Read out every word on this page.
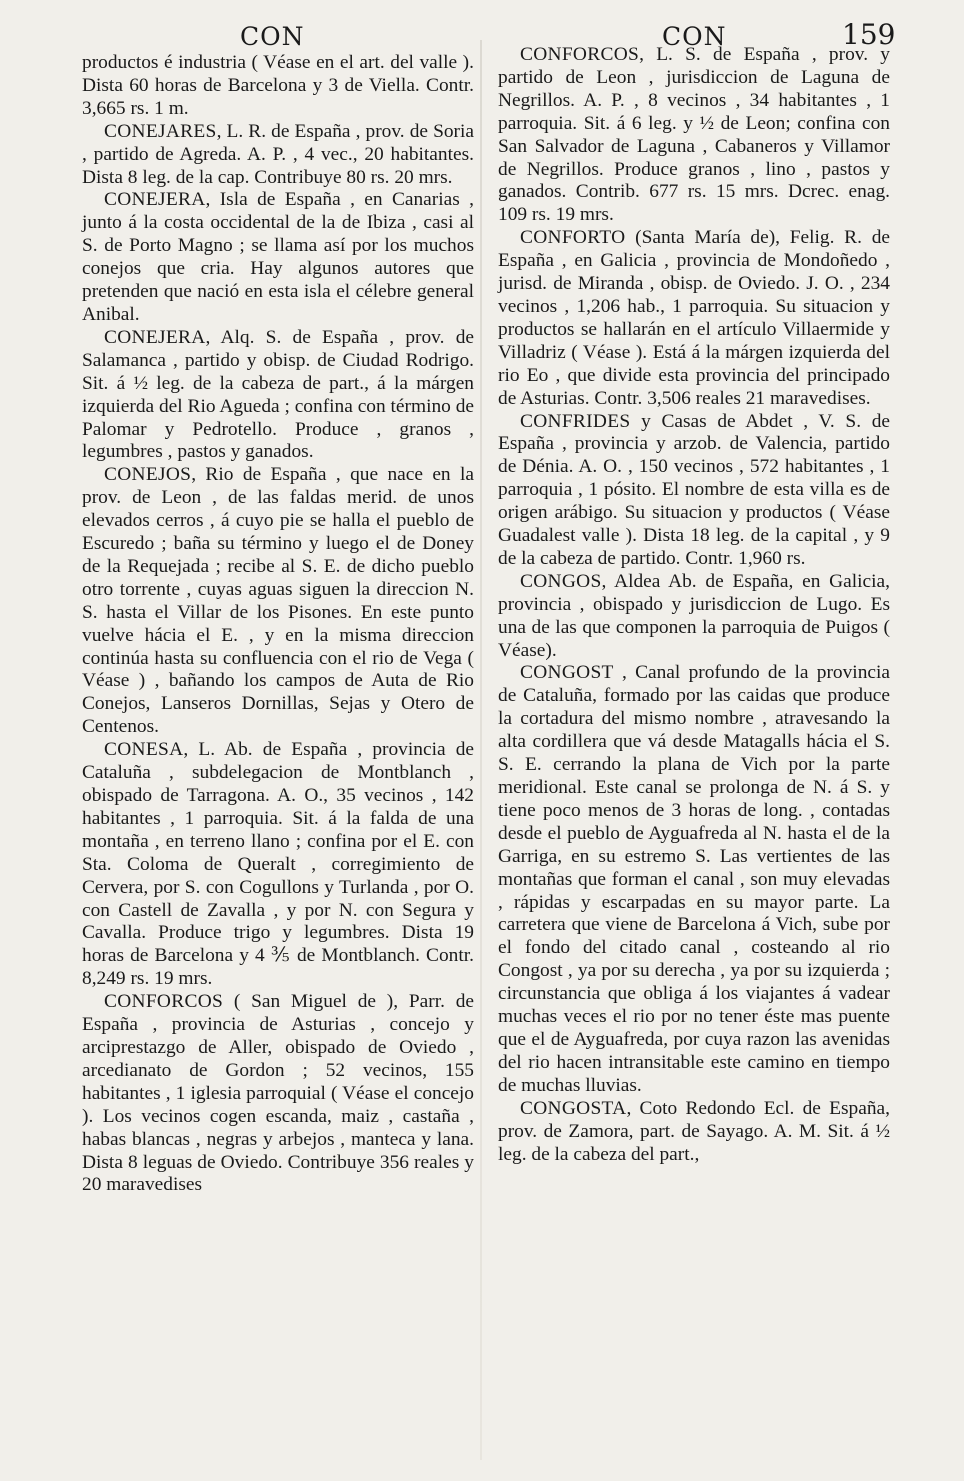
CON	CON	159

productos é industria ( Véase en el art. del valle ). Dista 60 horas de Barcelona y 3 de Viella. Contr. 3,665 rs. 1 m.

CONEJARES, L. R. de España , prov. de Soria , partido de Agreda. A. P. , 4 vec., 20 habitantes. Dista 8 leg. de la cap. Contribuye 80 rs. 20 mrs.

CONEJERA, Isla de España , en Canarias , junto á la costa occidental de la de Ibiza , casi al S. de Porto Magno ; se llama así por los muchos conejos que cria. Hay algunos autores que pretenden que nació en esta isla el célebre general Anibal.

CONEJERA, Alq. S. de España , prov. de Salamanca , partido y obisp. de Ciudad Rodrigo. Sit. á ½ leg. de la cabeza de part., á la márgen izquierda del Rio Agueda ; confina con término de Palomar y Pedrotello. Produce , granos , legumbres , pastos y ganados.

CONEJOS, Rio de España , que nace en la prov. de Leon , de las faldas merid. de unos elevados cerros , á cuyo pie se halla el pueblo de Escuredo ; baña su término y luego el de Doney de la Requejada ; recibe al S. E. de dicho pueblo otro torrente , cuyas aguas siguen la direccion N. S. hasta el Villar de los Pisones. En este punto vuelve hácia el E. , y en la misma direccion continúa hasta su confluencia con el rio de Vega ( Véase ) , bañando los campos de Auta de Rio Conejos, Lanseros Dornillas, Sejas y Otero de Centenos.

CONESA, L. Ab. de España , provincia de Cataluña , subdelegacion de Montblanch , obispado de Tarragona. A. O., 35 vecinos , 142 habitantes , 1 parroquia. Sit. á la falda de una montaña , en terreno llano ; confina por el E. con Sta. Coloma de Queralt , corregimiento de Cervera, por S. con Cogullons y Turlanda , por O. con Castell de Zavalla , y por N. con Segura y Cavalla. Produce trigo y legumbres. Dista 19 horas de Barcelona y 4 ⅗ de Montblanch. Contr. 8,249 rs. 19 mrs.

CONFORCOS ( San Miguel de ), Parr. de España , provincia de Asturias , concejo y arciprestazgo de Aller, obispado de Oviedo , arcedianato de Gordon ; 52 vecinos, 155 habitantes , 1 iglesia parroquial ( Véase el concejo ). Los vecinos cogen escanda, maiz , castaña , habas blancas , negras y arbejos , manteca y lana. Dista 8 leguas de Oviedo. Contribuye 356 reales y 20 maravedises

CONFORCOS, L. S. de España , prov. y partido de Leon , jurisdiccion de Laguna de Negrillos. A. P. , 8 vecinos , 34 habitantes , 1 parroquia. Sit. á 6 leg. y ½ de Leon; confina con San Salvador de Laguna , Cabaneros y Villamor de Negrillos. Produce granos , lino , pastos y ganados. Contrib. 677 rs. 15 mrs. Dcrec. enag. 109 rs. 19 mrs.

CONFORTO (Santa María de), Felig. R. de España , en Galicia , provincia de Mondoñedo , jurisd. de Miranda , obisp. de Oviedo. J. O. , 234 vecinos , 1,206 hab., 1 parroquia. Su situacion y productos se hallarán en el artículo Villaermide y Villadriz ( Véase ). Está á la márgen izquierda del rio Eo , que divide esta provincia del principado de Asturias. Contr. 3,506 reales 21 maravedises.

CONFRIDES y Casas de Abdet , V. S. de España , provincia y arzob. de Valencia, partido de Dénia. A. O. , 150 vecinos , 572 habitantes , 1 parroquia , 1 pósito. El nombre de esta villa es de origen arábigo. Su situacion y productos ( Véase Guadalest valle ). Dista 18 leg. de la capital , y 9 de la cabeza de partido. Contr. 1,960 rs.

CONGOS, Aldea Ab. de España, en Galicia, provincia , obispado y jurisdiccion de Lugo. Es una de las que componen la parroquia de Puigos ( Véase).

CONGOST , Canal profundo de la provincia de Cataluña, formado por las caidas que produce la cortadura del mismo nombre , atravesando la alta cordillera que vá desde Matagalls hácia el S. S. E. cerrando la plana de Vich por la parte meridional. Este canal se prolonga de N. á S. y tiene poco menos de 3 horas de long. , contadas desde el pueblo de Ayguafreda al N. hasta el de la Garriga, en su estremo S. Las vertientes de las montañas que forman el canal , son muy elevadas , rápidas y escarpadas en su mayor parte. La carretera que viene de Barcelona á Vich, sube por el fondo del citado canal , costeando al rio Congost , ya por su derecha , ya por su izquierda ; circunstancia que obliga á los viajantes á vadear muchas veces el rio por no tener éste mas puente que el de Ayguafreda, por cuya razon las avenidas del rio hacen intransitable este camino en tiempo de muchas lluvias.

CONGOSTA, Coto Redondo Ecl. de España, prov. de Zamora, part. de Sayago. A. M. Sit. á ½ leg. de la cabeza del part.,
